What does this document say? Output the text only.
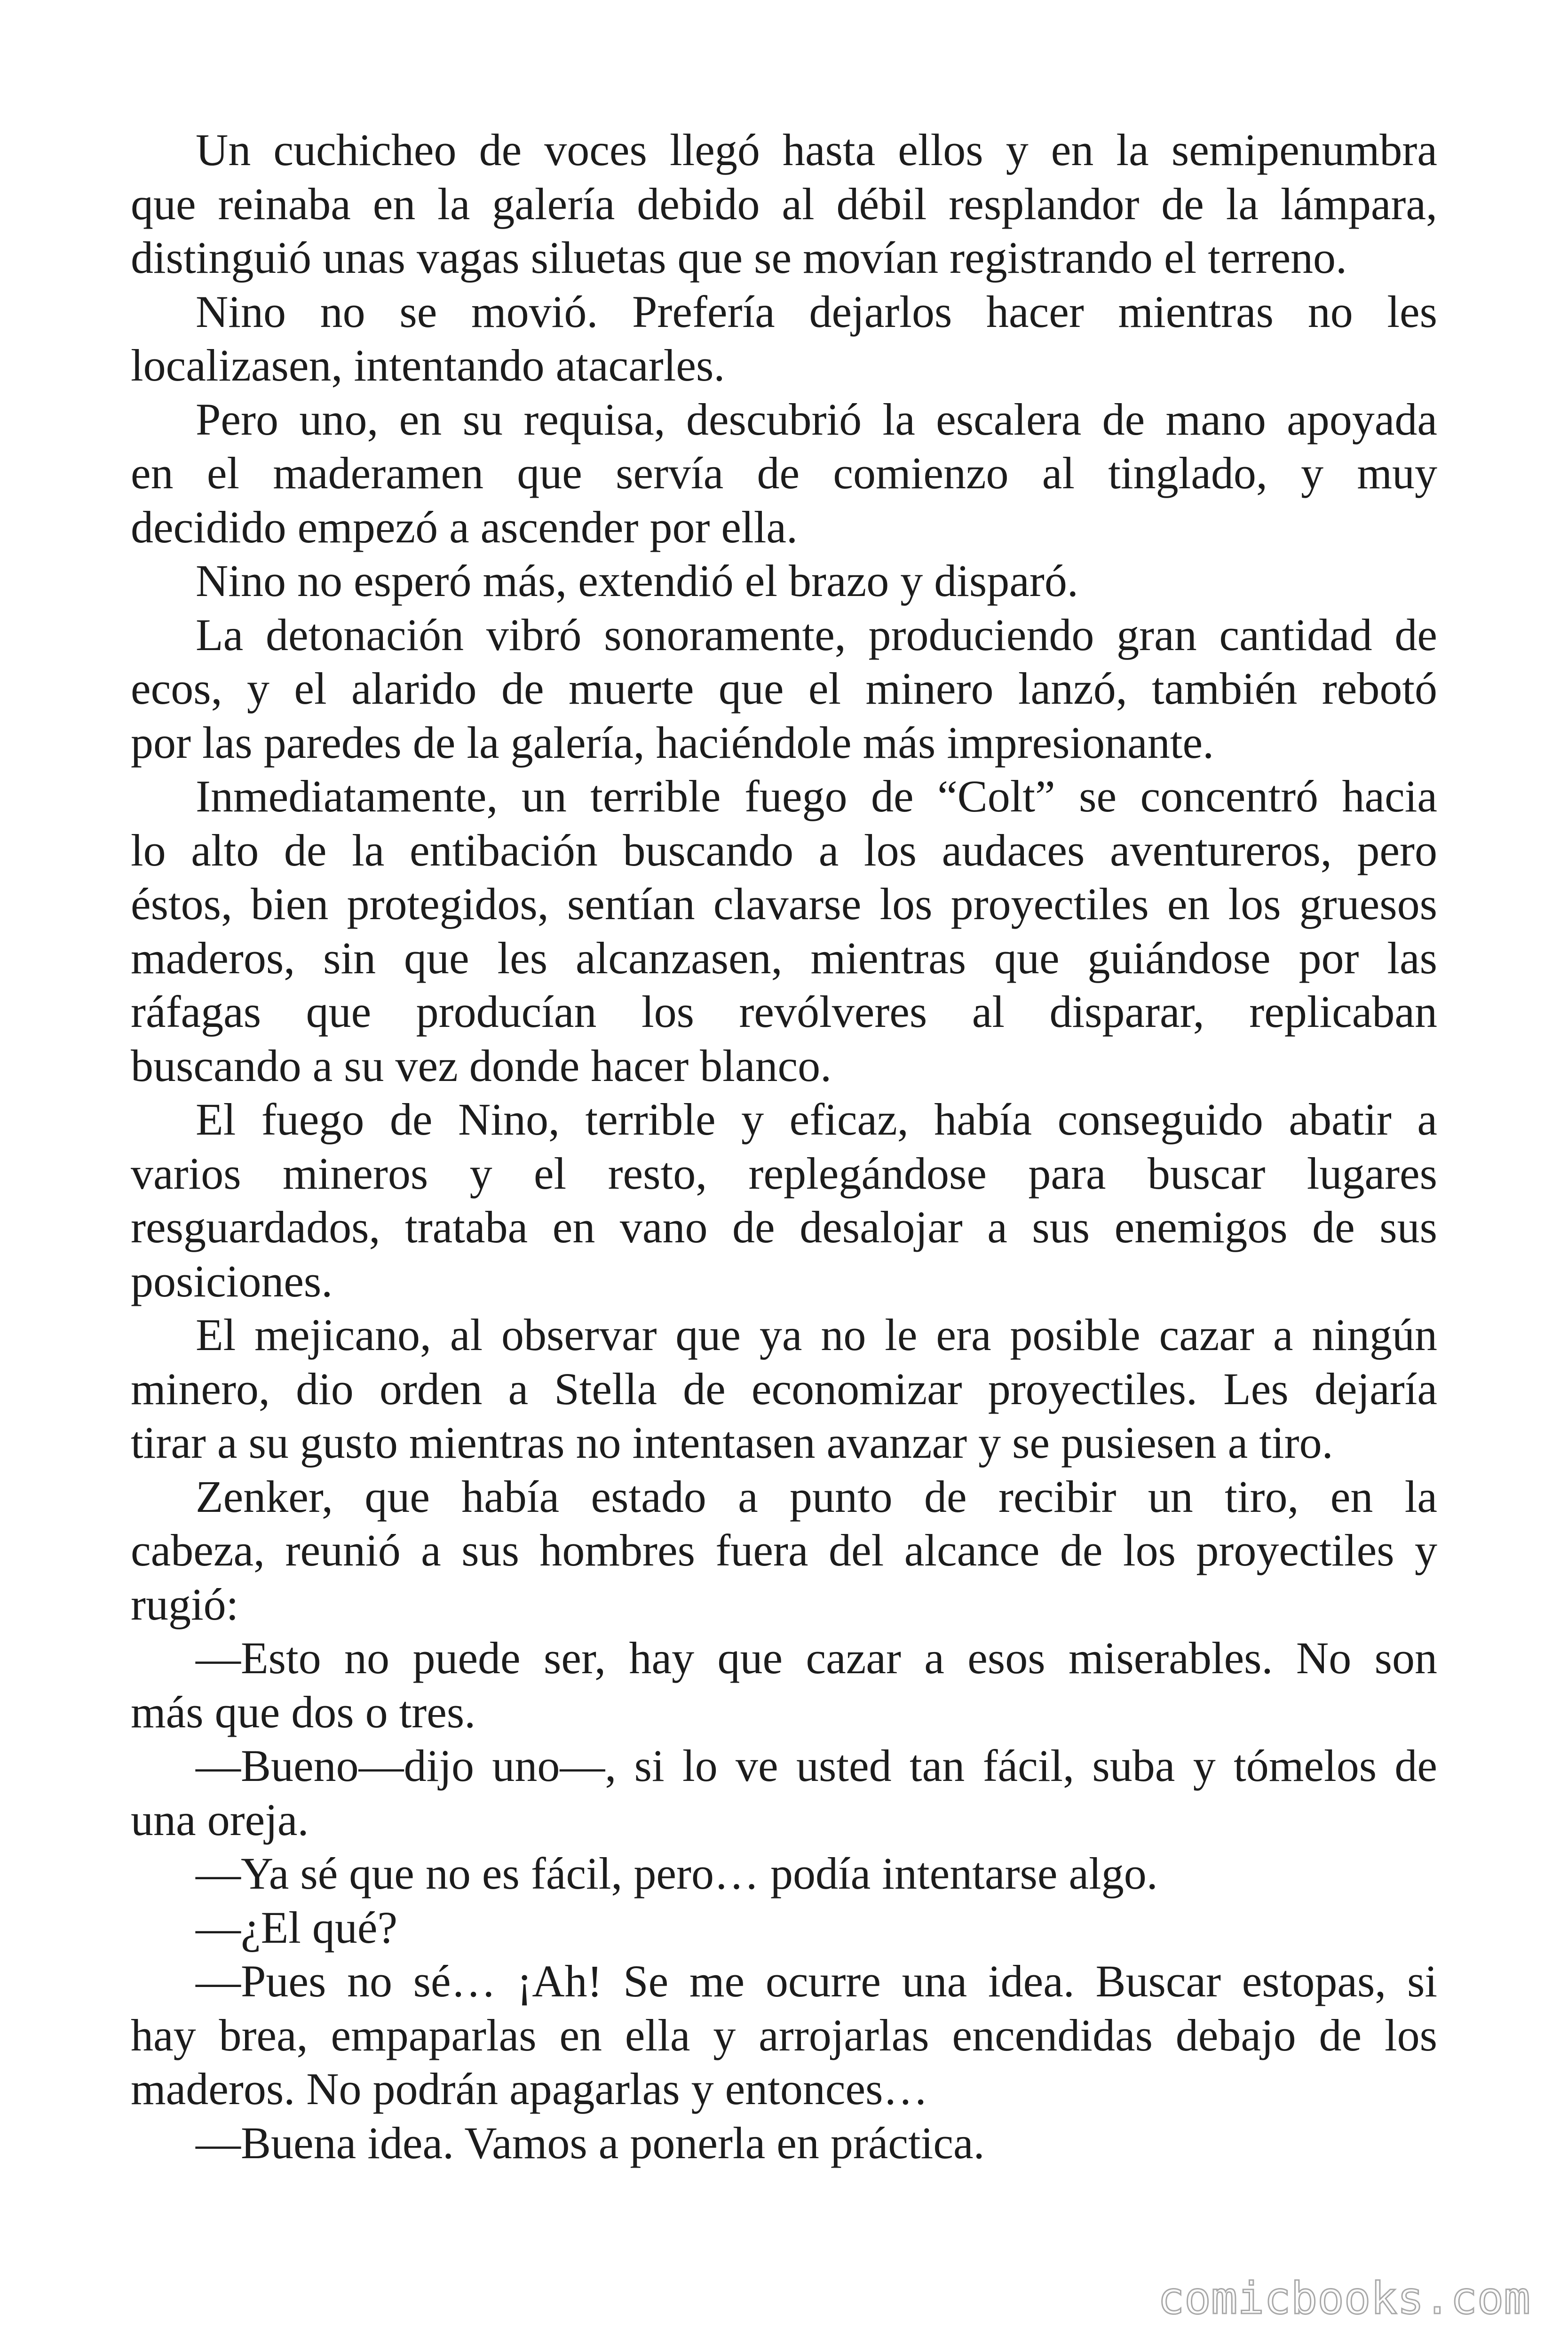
Un cuchicheo de voces llegó hasta ellos y en la semipenumbra
que reinaba en la galería debido al débil resplandor de la lámpara,
distinguió unas vagas siluetas que se movían registrando el terreno.
Nino no se movió. Prefería dejarlos hacer mientras no les
localizasen, intentando atacarles.
Pero uno, en su requisa, descubrió la escalera de mano apoyada
en el maderamen que servía de comienzo al tinglado, y muy
decidido empezó a ascender por ella.
Nino no esperó más, extendió el brazo y disparó.
La detonación vibró sonoramente, produciendo gran cantidad de
ecos, y el alarido de muerte que el minero lanzó, también rebotó
por las paredes de la galería, haciéndole más impresionante.
Inmediatamente, un terrible fuego de “Colt” se concentró hacia
lo alto de la entibación buscando a los audaces aventureros, pero
éstos, bien protegidos, sentían clavarse los proyectiles en los gruesos
maderos, sin que les alcanzasen, mientras que guiándose por las
ráfagas que producían los revólveres al disparar, replicaban
buscando a su vez donde hacer blanco.
El fuego de Nino, terrible y eficaz, había conseguido abatir a
varios mineros y el resto, replegándose para buscar lugares
resguardados, trataba en vano de desalojar a sus enemigos de sus
posiciones.
El mejicano, al observar que ya no le era posible cazar a ningún
minero, dio orden a Stella de economizar proyectiles. Les dejaría
tirar a su gusto mientras no intentasen avanzar y se pusiesen a tiro.
Zenker, que había estado a punto de recibir un tiro, en la
cabeza, reunió a sus hombres fuera del alcance de los proyectiles y
rugió:
—Esto no puede ser, hay que cazar a esos miserables. No son
más que dos o tres.
—Bueno—dijo uno—, si lo ve usted tan fácil, suba y tómelos de
una oreja.
—Ya sé que no es fácil, pero… podía intentarse algo.
—¿El qué?
—Pues no sé… ¡Ah! Se me ocurre una idea. Buscar estopas, si
hay brea, empaparlas en ella y arrojarlas encendidas debajo de los
maderos. No podrán apagarlas y entonces…
—Buena idea. Vamos a ponerla en práctica.
comicbooks.com
